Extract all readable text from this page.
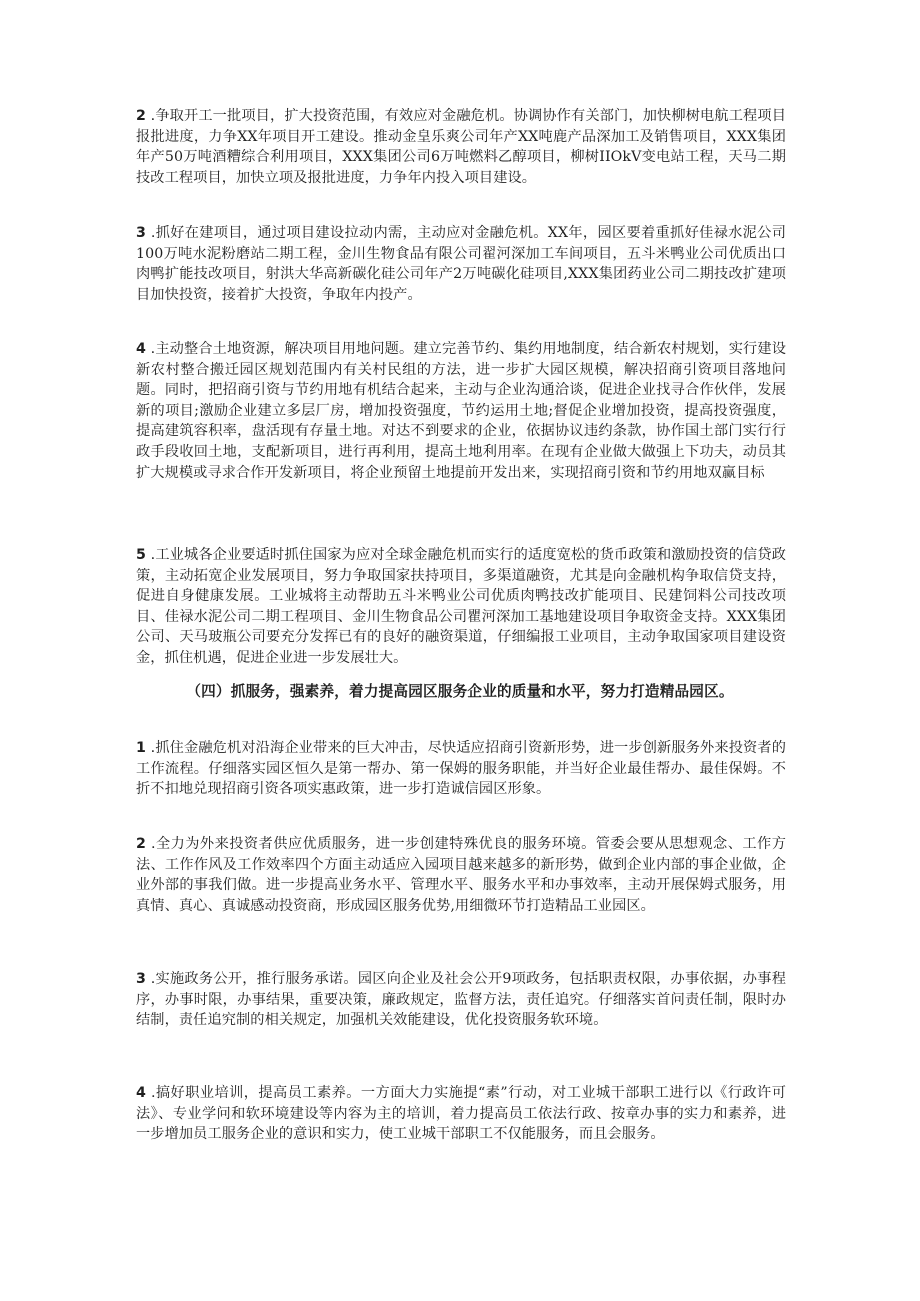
2 .争取开工一批项目，扩大投资范围，有效应对金融危机。协调协作有关部门，加快柳树电航工程项目报批进度，力争XX年项目开工建设。推动金皇乐爽公司年产XX吨鹿产品深加工及销售项目，XXX集团年产50万吨酒糟综合利用项目，XXX集团公司6万吨燃料乙醇项目，柳树IIOkV变电站工程，天马二期技改工程项目，加快立项及报批进度，力争年内投入项目建设。

3 .抓好在建项目，通过项目建设拉动内需，主动应对金融危机。XX年，园区要着重抓好佳禄水泥公司100万吨水泥粉磨站二期工程，金川生物食品有限公司翟河深加工车间项目，五斗米鸭业公司优质出口肉鸭扩能技改项目，射洪大华高新碳化硅公司年产2万吨碳化硅项目,XXX集团药业公司二期技改扩建项目加快投资，接着扩大投资，争取年内投产。

4 .主动整合土地资源，解决项目用地问题。建立完善节约、集约用地制度，结合新农村规划，实行建设新农村整合搬迁园区规划范围内有关村民组的方法，进一步扩大园区规模，解决招商引资项目落地问题。同时，把招商引资与节约用地有机结合起来，主动与企业沟通洽谈，促进企业找寻合作伙伴，发展新的项目;激励企业建立多层厂房，增加投资强度，节约运用土地;督促企业增加投资，提高投资强度，提高建筑容积率，盘活现有存量土地。对达不到要求的企业，依据协议违约条款，协作国土部门实行行政手段收回土地，支配新项目，进行再利用，提高土地利用率。在现有企业做大做强上下功夫，动员其扩大规模或寻求合作开发新项目，将企业预留土地提前开发出来，实现招商引资和节约用地双赢目标

5 .工业城各企业要适时抓住国家为应对全球金融危机而实行的适度宽松的货币政策和激励投资的信贷政策，主动拓宽企业发展项目，努力争取国家扶持项目，多渠道融资，尤其是向金融机构争取信贷支持，促进自身健康发展。工业城将主动帮助五斗米鸭业公司优质肉鸭技改扩能项目、民建饲料公司技改项目、佳禄水泥公司二期工程项目、金川生物食品公司瞿河深加工基地建设项目争取资金支持。XXX集团公司、天马玻瓶公司要充分发挥已有的良好的融资渠道，仔细编报工业项目，主动争取国家项目建设资金，抓住机遇，促进企业进一步发展壮大。

（四）抓服务，强素养，着力提高园区服务企业的质量和水平，努力打造精品园区。

1 .抓住金融危机对沿海企业带来的巨大冲击，尽快适应招商引资新形势，进一步创新服务外来投资者的工作流程。仔细落实园区恒久是第一帮办、第一保姆的服务职能，并当好企业最佳帮办、最佳保姆。不折不扣地兑现招商引资各项实惠政策，进一步打造诚信园区形象。

2 .全力为外来投资者供应优质服务，进一步创建特殊优良的服务环境。管委会要从思想观念、工作方法、工作作风及工作效率四个方面主动适应入园项目越来越多的新形势，做到企业内部的事企业做，企业外部的事我们做。进一步提高业务水平、管理水平、服务水平和办事效率，主动开展保姆式服务，用真情、真心、真诚感动投资商，形成园区服务优势,用细微环节打造精品工业园区。

3 .实施政务公开，推行服务承诺。园区向企业及社会公开9项政务，包括职责权限，办事依据，办事程序，办事时限，办事结果，重要决策，廉政规定，监督方法，责任追究。仔细落实首问责任制，限时办结制，责任追究制的相关规定，加强机关效能建设，优化投资服务软环境。

4 .搞好职业培训，提高员工素养。一方面大力实施提“素”行动，对工业城干部职工进行以《行政许可法》、专业学问和软环境建设等内容为主的培训，着力提高员工依法行政、按章办事的实力和素养，进一步增加员工服务企业的意识和实力，使工业城干部职工不仅能服务，而且会服务。
